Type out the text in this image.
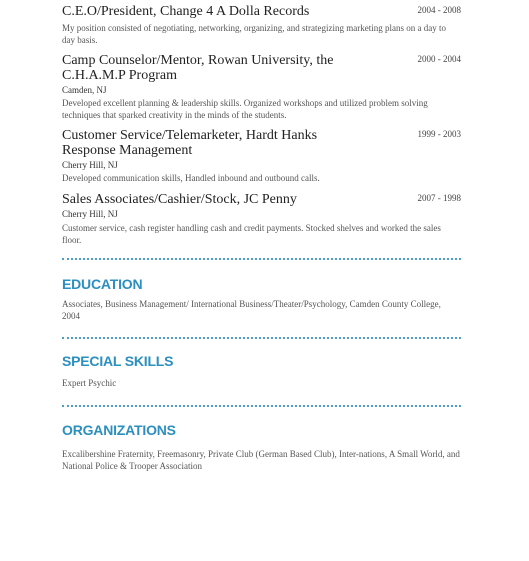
C.E.O/President, Change 4 A Dolla Records	2004 - 2008
My position consisted of negotiating, networking, organizing, and strategizing marketing plans on a day to day basis.
Camp Counselor/Mentor, Rowan University, the C.H.A.M.P Program
2000 - 2004
Camden, NJ
Developed excellent planning & leadership skills. Organized workshops and utilized problem solving techniques that sparked creativity in the minds of the students.
Customer Service/Telemarketer, Hardt Hanks Response Management
1999 - 2003
Cherry Hill, NJ
Developed communication skills, Handled inbound and outbound calls.
Sales Associates/Cashier/Stock, JC Penny	2007 - 1998
Cherry Hill, NJ
Customer service, cash register handling cash and credit payments. Stocked shelves and worked the sales floor.
EDUCATION
Associates, Business Management/ International Business/Theater/Psychology, Camden County College, 2004
SPECIAL SKILLS
Expert Psychic
ORGANIZATIONS
Excalibershine Fraternity, Freemasonry, Private Club (German Based Club), Inter-nations, A Small World, and National Police & Trooper Association
